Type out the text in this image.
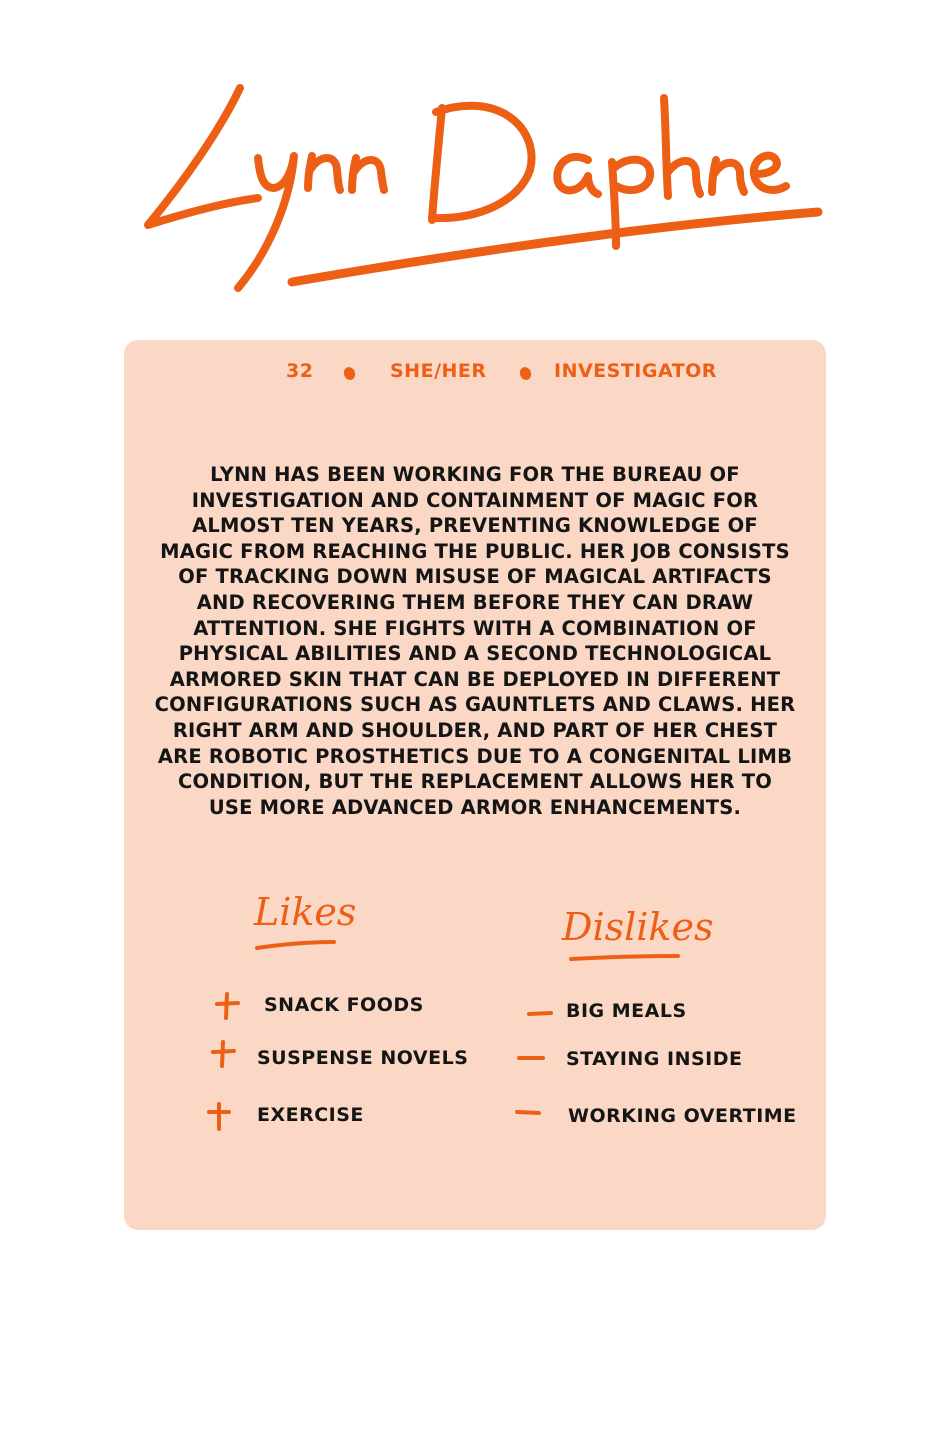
32	SHE/HER	INVESTIGATOR

LYNN HAS BEEN WORKING FOR THE BUREAU OF INVESTIGATION AND CONTAINMENT OF MAGIC FOR ALMOST TEN YEARS, PREVENTING KNOWLEDGE OF MAGIC FROM REACHING THE PUBLIC. HER JOB CONSISTS OF TRACKING DOWN MISUSE OF MAGICAL ARTIFACTS AND RECOVERING THEM BEFORE THEY CAN DRAW ATTENTION. SHE FIGHTS WITH A COMBINATION OF PHYSICAL ABILITIES AND A SECOND TECHNOLOGICAL ARMORED SKIN THAT CAN BE DEPLOYED IN DIFFERENT CONFIGURATIONS SUCH AS GAUNTLETS AND CLAWS. HER RIGHT ARM AND SHOULDER, AND PART OF HER CHEST ARE ROBOTIC PROSTHETICS DUE TO A CONGENITAL LIMB CONDITION, BUT THE REPLACEMENT ALLOWS HER TO USE MORE ADVANCED ARMOR ENHANCEMENTS.

Likes
SNACK FOODS
SUSPENSE NOVELS
EXERCISE
Dislikes
BIG MEALS
STAYING INSIDE
WORKING OVERTIME
